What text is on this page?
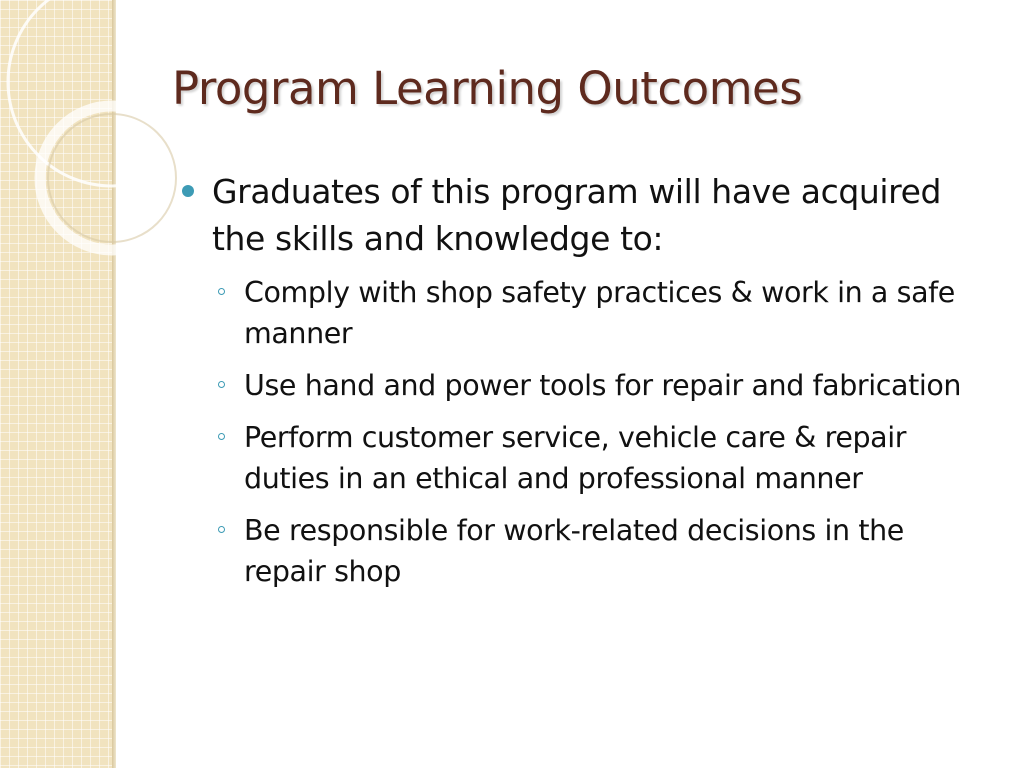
Program Learning Outcomes
Graduates of this program will have acquired the skills and knowledge to:
Comply with shop safety practices & work in a safe manner
Use hand and power tools for repair and fabrication
Perform customer service, vehicle care & repair duties in an ethical and professional manner
Be responsible for work-related decisions in the repair shop
